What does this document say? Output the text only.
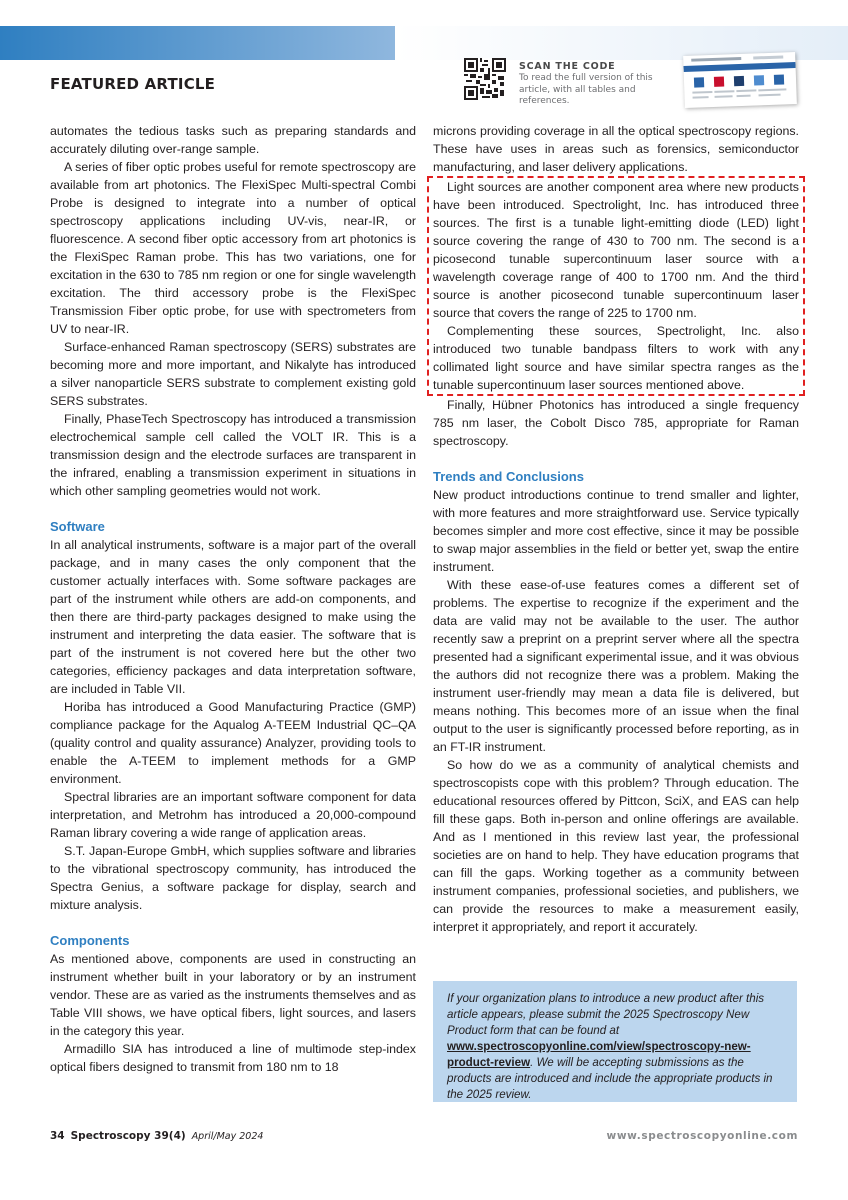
FEATURED ARTICLE
SCAN THE CODE
To read the full version of this article, with all tables and references.

automates the tedious tasks such as preparing standards and accurately diluting over-range sample.

A series of fiber optic probes useful for remote spectroscopy are available from art photonics. The FlexiSpec Multi-spectral Combi Probe is designed to integrate into a number of optical spectroscopy applications including UV-vis, near-IR, or fluorescence. A second fiber optic accessory from art photonics is the FlexiSpec Raman probe. This has two variations, one for excitation in the 630 to 785 nm region or one for single wavelength excitation. The third accessory probe is the FlexiSpec Transmission Fiber optic probe, for use with spectrometers from UV to near-IR.

Surface-enhanced Raman spectroscopy (SERS) substrates are becoming more and more important, and Nikalyte has introduced a silver nanoparticle SERS substrate to complement existing gold SERS substrates.

Finally, PhaseTech Spectroscopy has introduced a transmission electrochemical sample cell called the VOLT IR. This is a transmission design and the electrode surfaces are transparent in the infrared, enabling a transmission experiment in situations in which other sampling geometries would not work.

Software

In all analytical instruments, software is a major part of the overall package, and in many cases the only component that the customer actually interfaces with. Some software packages are part of the instrument while others are add-on components, and then there are third-party packages designed to make using the instrument and interpreting the data easier. The software that is part of the instrument is not covered here but the other two categories, efficiency packages and data interpretation software, are included in Table VII.

Horiba has introduced a Good Manufacturing Practice (GMP) compliance package for the Aqualog A-TEEM Industrial QC–QA (quality control and quality assurance) Analyzer, providing tools to enable the A-TEEM to implement methods for a GMP environment.

Spectral libraries are an important software component for data interpretation, and Metrohm has introduced a 20,000-compound Raman library covering a wide range of application areas.

S.T. Japan-Europe GmbH, which supplies software and libraries to the vibrational spectroscopy community, has introduced the Spectra Genius, a software package for display, search and mixture analysis.

Components

As mentioned above, components are used in constructing an instrument whether built in your laboratory or by an instrument vendor. These are as varied as the instruments themselves and as Table VIII shows, we have optical fibers, light sources, and lasers in the category this year.

Armadillo SIA has introduced a line of multimode step-index optical fibers designed to transmit from 180 nm to 18

microns providing coverage in all the optical spectroscopy regions. These have uses in areas such as forensics, semiconductor manufacturing, and laser delivery applications.

Light sources are another component area where new products have been introduced. Spectrolight, Inc. has introduced three sources. The first is a tunable light-emitting diode (LED) light source covering the range of 430 to 700 nm. The second is a picosecond tunable supercontinuum laser source with a wavelength coverage range of 400 to 1700 nm. And the third source is another picosecond tunable supercontinuum laser source that covers the range of 225 to 1700 nm.

Complementing these sources, Spectrolight, Inc. also introduced two tunable bandpass filters to work with any collimated light source and have similar spectra ranges as the tunable supercontinuum laser sources mentioned above.

Finally, Hübner Photonics has introduced a single frequency 785 nm laser, the Cobolt Disco 785, appropriate for Raman spectroscopy.

Trends and Conclusions

New product introductions continue to trend smaller and lighter, with more features and more straightforward use. Service typically becomes simpler and more cost effective, since it may be possible to swap major assemblies in the field or better yet, swap the entire instrument.

With these ease-of-use features comes a different set of problems. The expertise to recognize if the experiment and the data are valid may not be available to the user. The author recently saw a preprint on a preprint server where all the spectra presented had a significant experimental issue, and it was obvious the authors did not recognize there was a problem. Making the instrument user-friendly may mean a data file is delivered, but means nothing. This becomes more of an issue when the final output to the user is significantly processed before reporting, as in an FT-IR instrument.

So how do we as a community of analytical chemists and spectroscopists cope with this problem? Through education. The educational resources offered by Pittcon, SciX, and EAS can help fill these gaps. Both in-person and online offerings are available. And as I mentioned in this review last year, the professional societies are on hand to help. They have education programs that can fill the gaps. Working together as a community between instrument companies, professional societies, and publishers, we can provide the resources to make a measurement easily, interpret it appropriately, and report it accurately.

If your organization plans to introduce a new product after this article appears, please submit the 2025 Spectroscopy New Product form that can be found at www.spectroscopyonline.com/view/spectroscopy-new-product-review. We will be accepting submissions as the products are introduced and include the appropriate products in the 2025 review.
34 Spectroscopy 39(4) April/May 2024	www.spectroscopyonline.com
